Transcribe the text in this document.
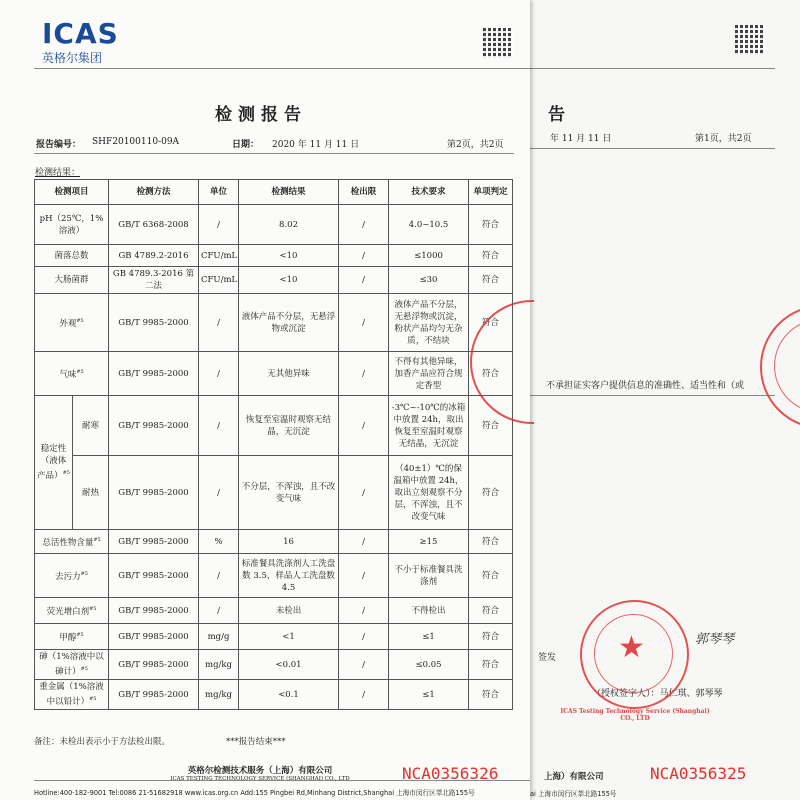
告
年 11 月 11 日	第1页，共2页
不承担证实客户提供信息的准确性、适当性和（或
签发
郭琴琴
（授权签字人）：马仁琪、郭琴琴
上海）有限公司
ai 上海市闵行区莘北路155号
NCA0356325
ICAS
英格尔集团
检测报告
报告编号： SHF20100110-09A	日期： 2020 年 11 月 11 日	第2页，共2页
检测结果：
检测项目		检测方法	单位	检测结果	检出限	技术要求	单项判定
pH（25℃，1%溶液）		GB/T 6368-2008	/	8.02	/	4.0~10.5	符合
菌落总数		GB 4789.2-2016	CFU/mL	<10	/	≤1000	符合
大肠菌群		GB 4789.3-2016 第二法	CFU/mL	<10	/	≤30	符合
外观$^{\#5}$		GB/T 9985-2000	/	液体产品不分层，无悬浮物或沉淀	/	液体产品不分层，无悬浮物或沉淀，粉状产品均匀无杂质，不结块	符合
气味$^{\#5}$		GB/T 9985-2000	/	无其他异味	/	不得有其他异味，加香产品应符合规定香型	符合
稳定性（液体产品）$^{\#5}$	耐寒	GB/T 9985-2000	/	恢复至室温时观察无结晶，无沉淀	/	-3℃~-10℃的冰箱中放置 24h，取出恢复至室温时观察无结晶，无沉淀	符合
	耐热	GB/T 9985-2000	/	不分层，不浑浊，且不改变气味	/	（40±1）℃的保温箱中放置 24h，取出立刻观察不分层，不浑浊，且不改变气味	符合
总活性物含量$^{\#5}$		GB/T 9985-2000	%	16	/	≥15	符合
去污力$^{\#5}$		GB/T 9985-2000	/	标准餐具洗涤剂人工洗盘数 3.5，样品人工洗盘数 4.5	/	不小于标准餐具洗涤剂	符合
荧光增白剂$^{\#5}$		GB/T 9985-2000	/	未检出	/	不得检出	符合
甲醇$^{\#5}$		GB/T 9985-2000	mg/g	<1	/	≤1	符合
砷（1%溶液中以砷计）$^{\#5}$		GB/T 9985-2000	mg/kg	<0.01	/	≤0.05	符合
重金属（1%溶液中以铅计）$^{\#5}$		GB/T 9985-2000	mg/kg	<0.1	/	≤1	符合
备注：未检出表示小于方法检出限。	***报告结束***
英格尔检测技术服务（上海）有限公司
ICAS TESTING TECHNOLOGY SERVICE (SHANGHAI) CO., LTD
Hotline:400-182-9001 Tel:0086 21-51682918 www.icas.org.cn Add:155 Pingbei Rd,Minhang District,Shanghai 上海市闵行区莘北路155号
NCA0356326
★
ICAS Testing Technology Service (Shanghai) CO., LTD
